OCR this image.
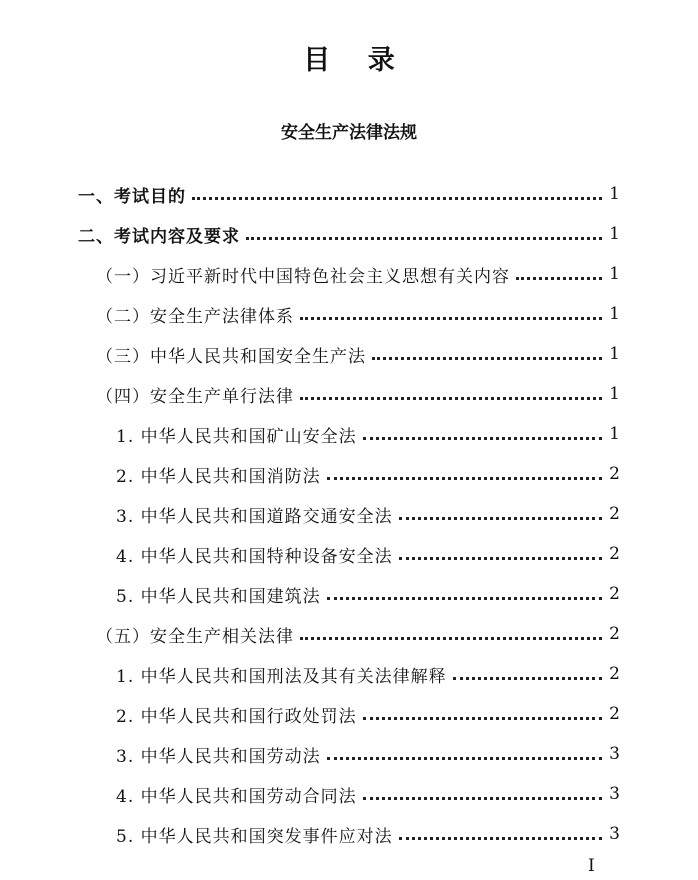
目    录
安全生产法律法规
一、考试目的	1
二、考试内容及要求	1
（一）习近平新时代中国特色社会主义思想有关内容	1
（二）安全生产法律体系	1
（三）中华人民共和国安全生产法	1
（四）安全生产单行法律	1
1. 中华人民共和国矿山安全法	1
2. 中华人民共和国消防法	2
3. 中华人民共和国道路交通安全法	2
4. 中华人民共和国特种设备安全法	2
5. 中华人民共和国建筑法	2
（五）安全生产相关法律	2
1. 中华人民共和国刑法及其有关法律解释	2
2. 中华人民共和国行政处罚法	2
3. 中华人民共和国劳动法	3
4. 中华人民共和国劳动合同法	3
5. 中华人民共和国突发事件应对法	3
I
